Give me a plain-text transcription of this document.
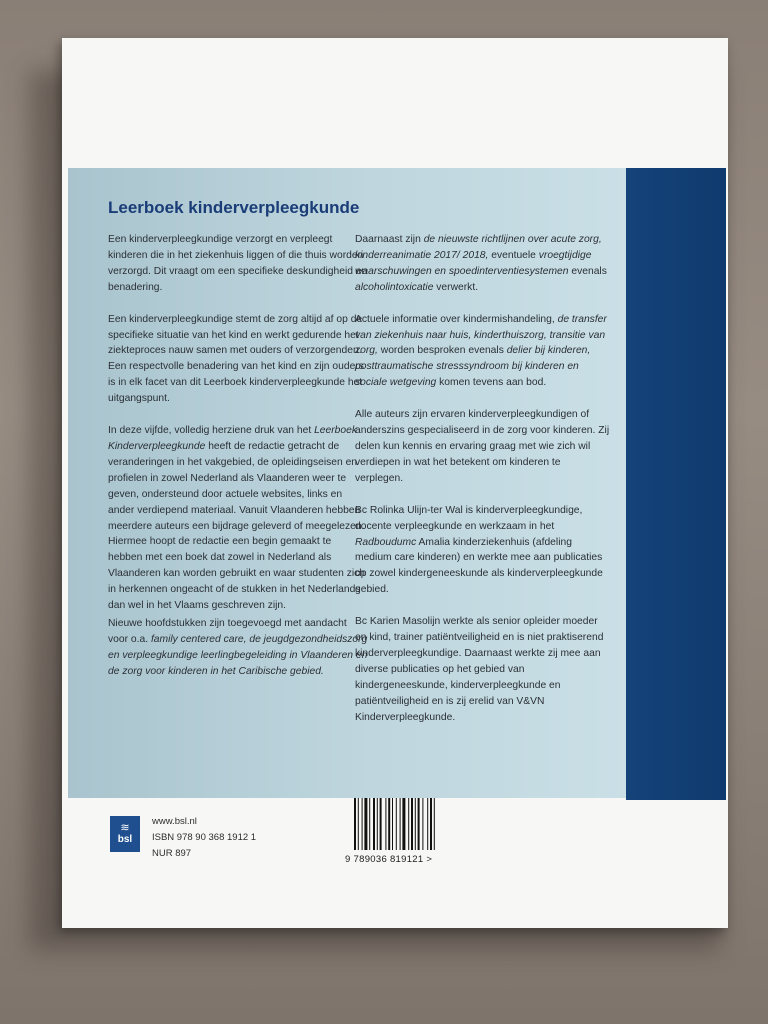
Leerboek kinderverpleegkunde

Een kinderverpleegkundige verzorgt en verpleegt kinderen die in het ziekenhuis liggen of die thuis worden verzorgd. Dit vraagt om een specifieke deskundigheid en benadering.

Een kinderverpleegkundige stemt de zorg altijd af op de specifieke situatie van het kind en werkt gedurende het ziekteproces nauw samen met ouders of verzorgenden. Een respectvolle benadering van het kind en zijn ouders is in elk facet van dit Leerboek kinderverpleegkunde het uitgangspunt.

In deze vijfde, volledig herziene druk van het Leerboek Kinderverpleegkunde heeft de redactie getracht de veranderingen in het vakgebied, de opleidingseisen en profielen in zowel Nederland als Vlaanderen weer te geven, ondersteund door actuele websites, links en ander verdiepend materiaal. Vanuit Vlaanderen hebben meerdere auteurs een bijdrage geleverd of meegelezen. Hiermee hoopt de redactie een begin gemaakt te hebben met een boek dat zowel in Nederland als Vlaanderen kan worden gebruikt en waar studenten zich in herkennen ongeacht of de stukken in het Nederlands dan wel in het Vlaams geschreven zijn.

Nieuwe hoofdstukken zijn toegevoegd met aandacht voor o.a. family centered care, de jeugdgezondheidszorg en verpleegkundige leerlingbegeleiding in Vlaanderen en de zorg voor kinderen in het Caribische gebied.

Daarnaast zijn de nieuwste richtlijnen over acute zorg, kinderreanimatie 2017/ 2018, eventuele vroegtijdige waarschuwingen en spoedinterventiesystemen evenals alcoholintoxicatie verwerkt.

Actuele informatie over kindermishandeling, de transfer van ziekenhuis naar huis, kinderthuiszorg, transitie van zorg, worden besproken evenals delier bij kinderen, posttraumatische stresssyndroom bij kinderen en sociale wetgeving komen tevens aan bod.

Alle auteurs zijn ervaren kinderverpleegkundigen of anderszins gespecialiseerd in de zorg voor kinderen. Zij delen kun kennis en ervaring graag met wie zich wil verdiepen in wat het betekent om kinderen te verplegen.

Bc Rolinka Ulijn-ter Wal is kinderverpleegkundige, docente verpleegkunde en werkzaam in het Radboudumc Amalia kinderziekenhuis (afdeling medium care kinderen) en werkte mee aan publicaties op zowel kindergeneeskunde als kinderverpleegkunde gebied.

Bc Karien Masolijn werkte als senior opleider moeder en kind, trainer patiëntveiligheid en is niet praktiserend kinderverpleegkundige. Daarnaast werkte zij mee aan diverse publicaties op het gebied van kindergeneeskunde, kinderverpleegkunde en patiëntveiligheid en is zij erelid van V&VN Kinderverpleegkunde.

≋
bsl
www.bsl.nl
ISBN 978 90 368 1912 1
NUR 897
9 789036 819121 >
